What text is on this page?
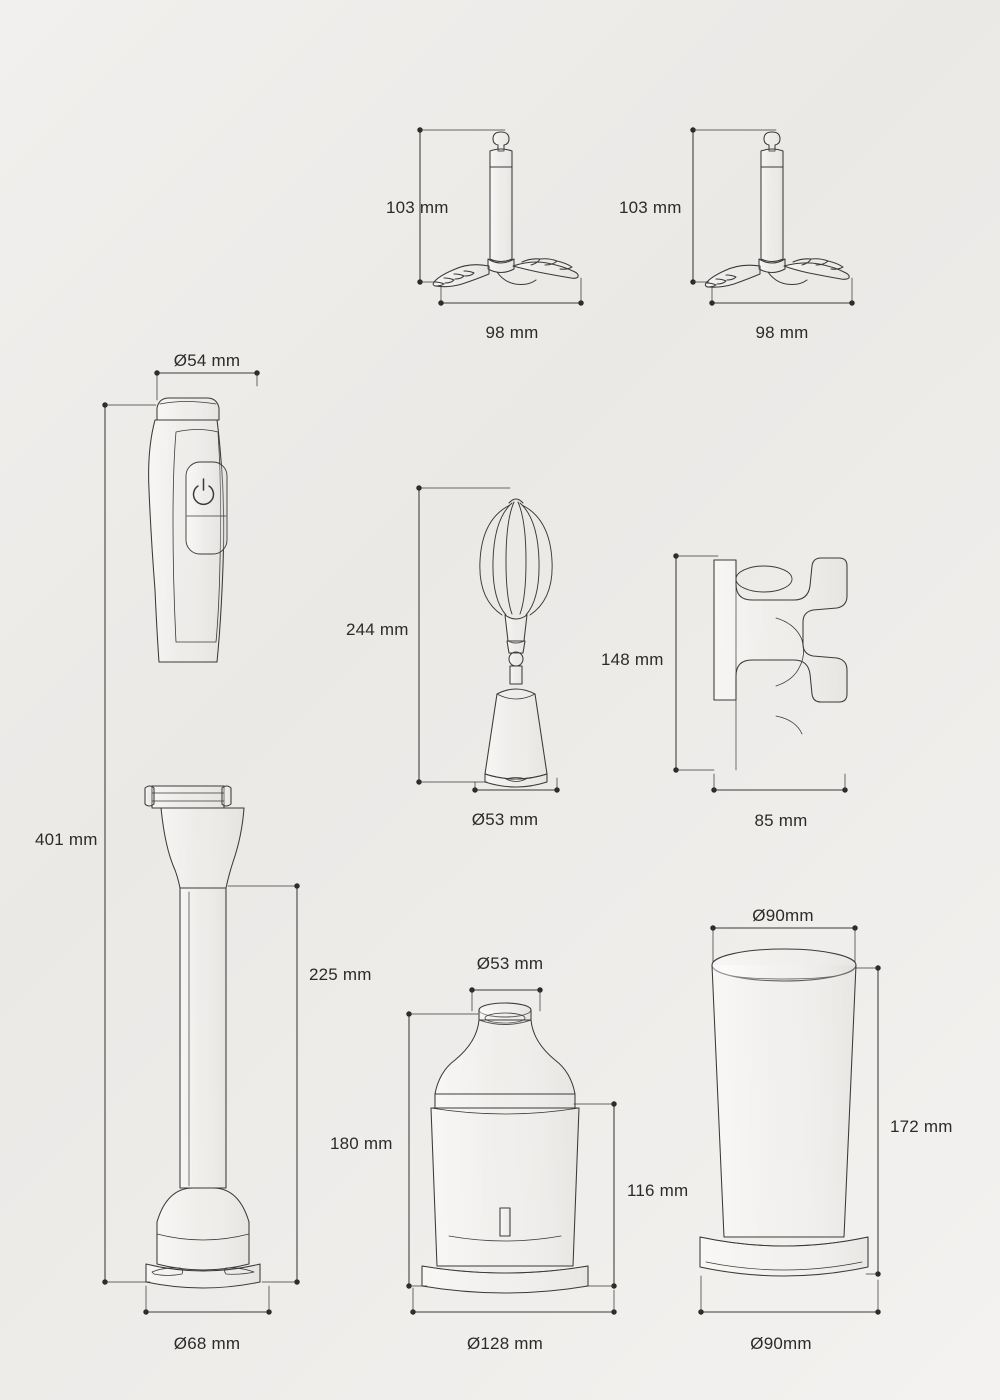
103 mm
98 mm
103 mm
98 mm
Ø54 mm
244 mm
Ø53 mm
148 mm
85 mm
401 mm
225 mm
Ø90mm
Ø53 mm
180 mm
116 mm
172 mm
Ø68 mm	Ø128 mm	Ø90mm
